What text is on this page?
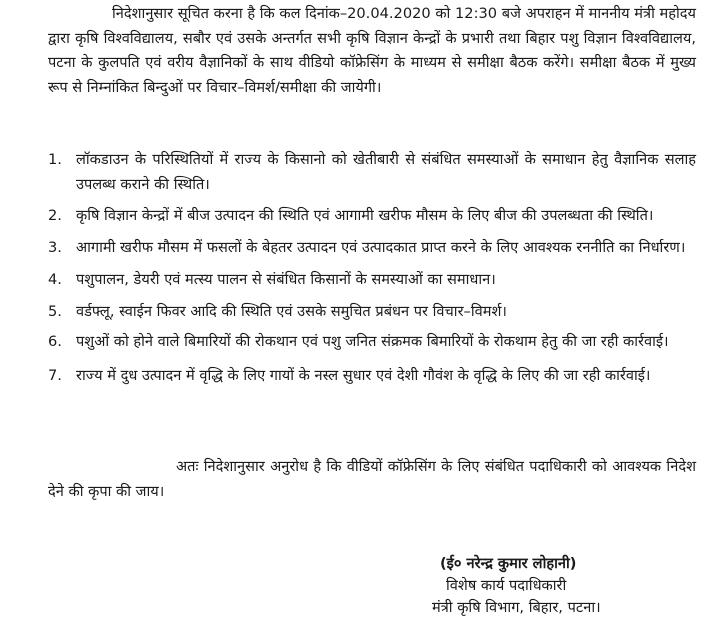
निदेशानुसार सूचित करना है कि कल दिनांक–20.04.2020 को 12:30 बजे अपराहन में माननीय मंत्री महोदय द्वारा कृषि विश्वविद्यालय, सबौर एवं उसके अन्तर्गत सभी कृषि विज्ञान केन्द्रों के प्रभारी तथा बिहार पशु विज्ञान विश्वविद्यालय, पटना के कुलपति एवं वरीय वैज्ञानिकों के साथ वीडियो कॉफ्रेसिंग के माध्यम से समीक्षा बैठक करेंगे। समीक्षा बैठक में मुख्य रूप से निम्नांकित बिन्दुओं पर विचार–विमर्श/समीक्षा की जायेगी।

1. लॉकडाउन के परिस्थितियों में राज्य के किसानो को खेतीबारी से संबंधित समस्याओं के समाधान हेतु वैज्ञानिक सलाह उपलब्ध कराने की स्थिति।
2. कृषि विज्ञान केन्द्रों में बीज उत्पादन की स्थिति एवं आगामी खरीफ मौसम के लिए बीज की उपलब्धता की स्थिति।
3. आगामी खरीफ मौसम में फसलों के बेहतर उत्पादन एवं उत्पादकात प्राप्त करने के लिए आवश्यक रननीति का निर्धारण।
4. पशुपालन, डेयरी एवं मत्स्य पालन से संबंधित किसानों के समस्याओं का समाधान।
5. वर्डफ्लू, स्वाईन फिवर आदि की स्थिति एवं उसके समुचित प्रबंधन पर विचार–विमर्श।
6. पशुओं को होने वाले बिमारियों की रोकथान एवं पशु जनित संक्रमक बिमारियों के रोकथाम हेतु की जा रही कार्रवाई।
7. राज्य में दुध उत्पादन में वृद्धि के लिए गायों के नस्ल सुधार एवं देशी गौवंश के वृद्धि के लिए की जा रही कार्रवाई।

अतः निदेशानुसार अनुरोध है कि वीडियों कॉफ्रेसिंग के लिए संबंधित पदाधिकारी को आवश्यक निदेश देने की कृपा की जाय।

(ई० नरेन्द्र कुमार लोहानी)
विशेष कार्य पदाधिकारी
मंत्री कृषि विभाग, बिहार, पटना।
